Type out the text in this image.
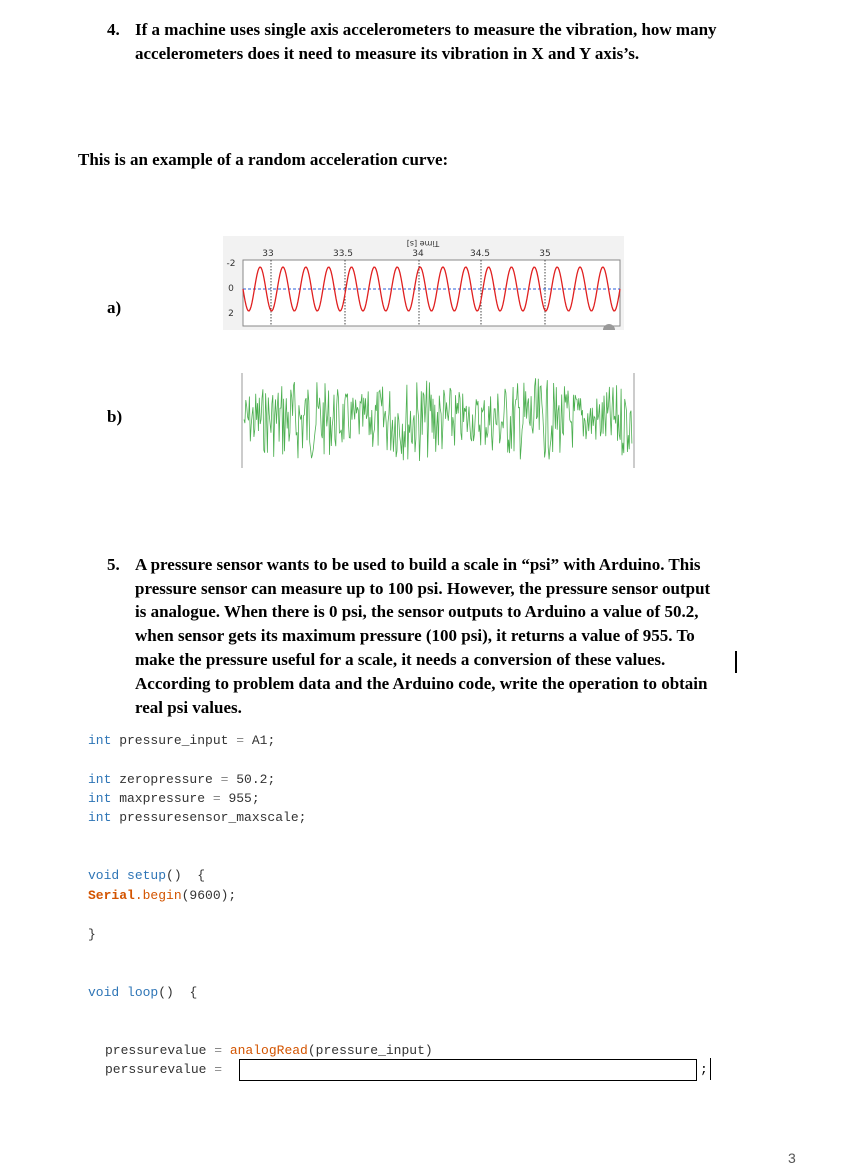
4. If a machine uses single axis accelerometers to measure the vibration, how many
accelerometers does it need to measure its vibration in X and Y axis’s.
This is an example of a random acceleration curve:
a)
Time [s]
33	33.5	34	34.5	35
-2
0
2
b)
5. A pressure sensor wants to be used to build a scale in “psi” with Arduino. This
pressure sensor can measure up to 100 psi. However, the pressure sensor output
is analogue. When there is 0 psi, the sensor outputs to Arduino a value of 50.2,
when sensor gets its maximum pressure (100 psi), it returns a value of 955. To
make the pressure useful for a scale, it needs a conversion of these values.
According to problem data and the Arduino code, write the operation to obtain
real psi values.
int pressure_input = A1;
int zeropressure = 50.2;
int maxpressure = 955;
int pressuresensor_maxscale;
void setup()  {
Serial.begin(9600);
}
void loop()  {
pressurevalue = analogRead(pressure_input)
perssurevalue =	;
3
